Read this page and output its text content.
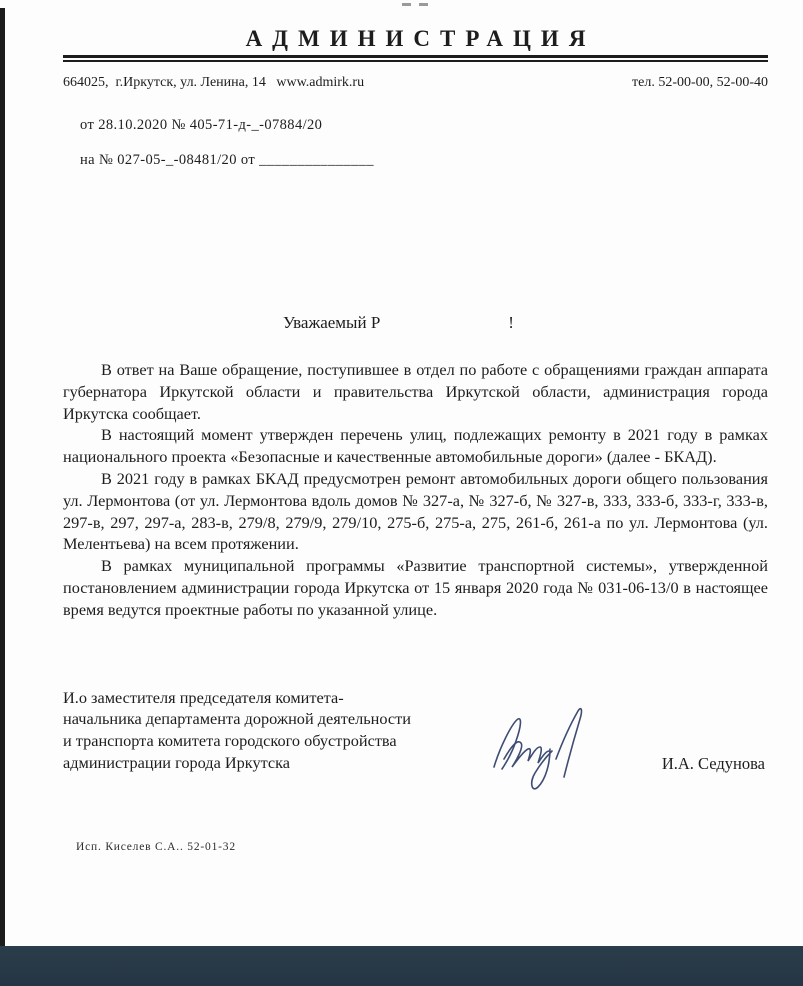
АДМИНИСТРАЦИЯ
664025,  г.Иркутск, ул. Ленина, 14   www.admirk.ru	тел. 52-00-00, 52-00-40
от 28.10.2020 № 405-71-д-_-07884/20
на № 027-05-_-08481/20 от _______________
Уважаемый Р	!

В ответ на Ваше обращение, поступившее в отдел по работе с обращениями граждан аппарата губернатора Иркутской области и правительства Иркутской области, администрация города Иркутска сообщает.

В настоящий момент утвержден перечень улиц, подлежащих ремонту в 2021 году в рамках национального проекта «Безопасные и качественные автомобильные дороги» (далее - БКАД).

В 2021 году в рамках БКАД предусмотрен ремонт автомобильных дороги общего пользования ул. Лермонтова (от ул. Лермонтова вдоль домов № 327-а, № 327-б, № 327-в, 333, 333-б, 333-г, 333-в, 297-в, 297, 297-а, 283-в, 279/8, 279/9, 279/10, 275-б, 275-а, 275, 261-б, 261-а по ул. Лермонтова (ул. Мелентьева) на всем протяжении.

В рамках муниципальной программы «Развитие транспортной системы», утвержденной постановлением администрации города Иркутска от 15 января 2020 года № 031-06-13/0 в настоящее время ведутся проектные работы по указанной улице.

И.о заместителя председателя комитета-
начальника департамента дорожной деятельности
и транспорта комитета городского обустройства
администрации города Иркутска	И.А. Седунова
Исп. Киселев С.А.. 52-01-32
